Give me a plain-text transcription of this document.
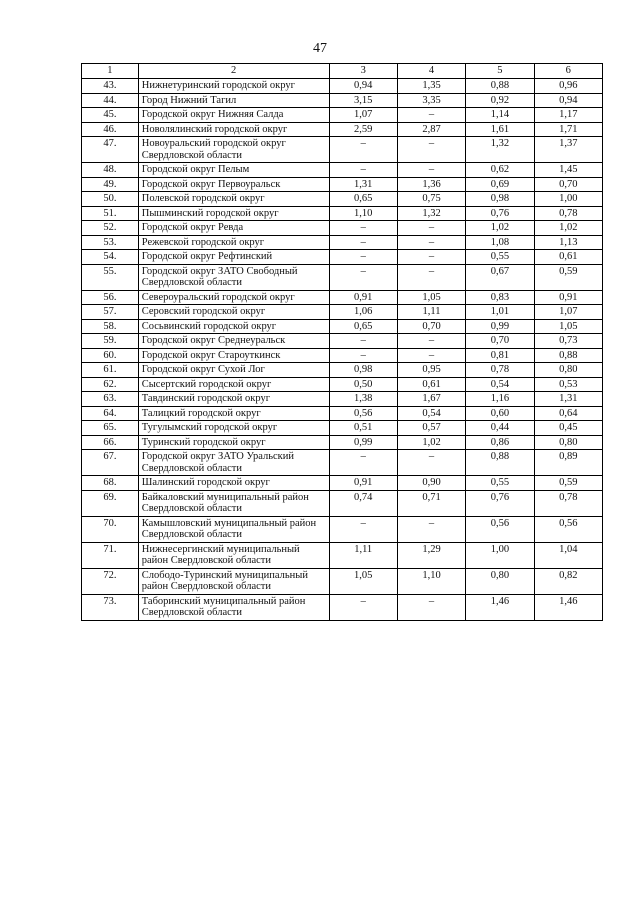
47
1	2	3	4	5	6
43.	Нижнетуринский городской округ	0,94	1,35	0,88	0,96
44.	Город Нижний Тагил	3,15	3,35	0,92	0,94
45.	Городской округ Нижняя Салда	1,07	–	1,14	1,17
46.	Новолялинский городской округ	2,59	2,87	1,61	1,71
47.	Новоуральский городской округ Свердловской области	–	–	1,32	1,37
48.	Городской округ Пелым	–	–	0,62	1,45
49.	Городской округ Первоуральск	1,31	1,36	0,69	0,70
50.	Полевской городской округ	0,65	0,75	0,98	1,00
51.	Пышминский городской округ	1,10	1,32	0,76	0,78
52.	Городской округ Ревда	–	–	1,02	1,02
53.	Режевской городской округ	–	–	1,08	1,13
54.	Городской округ Рефтинский	–	–	0,55	0,61
55.	Городской округ ЗАТО Свободный Свердловской области	–	–	0,67	0,59
56.	Североуральский городской округ	0,91	1,05	0,83	0,91
57.	Серовский городской округ	1,06	1,11	1,01	1,07
58.	Сосьвинский городской округ	0,65	0,70	0,99	1,05
59.	Городской округ Среднеуральск	–	–	0,70	0,73
60.	Городской округ Староуткинск	–	–	0,81	0,88
61.	Городской округ Сухой Лог	0,98	0,95	0,78	0,80
62.	Сысертский городской округ	0,50	0,61	0,54	0,53
63.	Тавдинский городской округ	1,38	1,67	1,16	1,31
64.	Талицкий городской округ	0,56	0,54	0,60	0,64
65.	Тугулымский городской округ	0,51	0,57	0,44	0,45
66.	Туринский городской округ	0,99	1,02	0,86	0,80
67.	Городской округ ЗАТО Уральский Свердловской области	–	–	0,88	0,89
68.	Шалинский городской округ	0,91	0,90	0,55	0,59
69.	Байкаловский муниципальный район Свердловской области	0,74	0,71	0,76	0,78
70.	Камышловский муниципальный район Свердловской области	–	–	0,56	0,56
71.	Нижнесергинский муниципальный район Свердловской области	1,11	1,29	1,00	1,04
72.	Слободо-Туринский муниципальный район Свердловской области	1,05	1,10	0,80	0,82
73.	Таборинский муниципальный район Свердловской области	–	–	1,46	1,46
